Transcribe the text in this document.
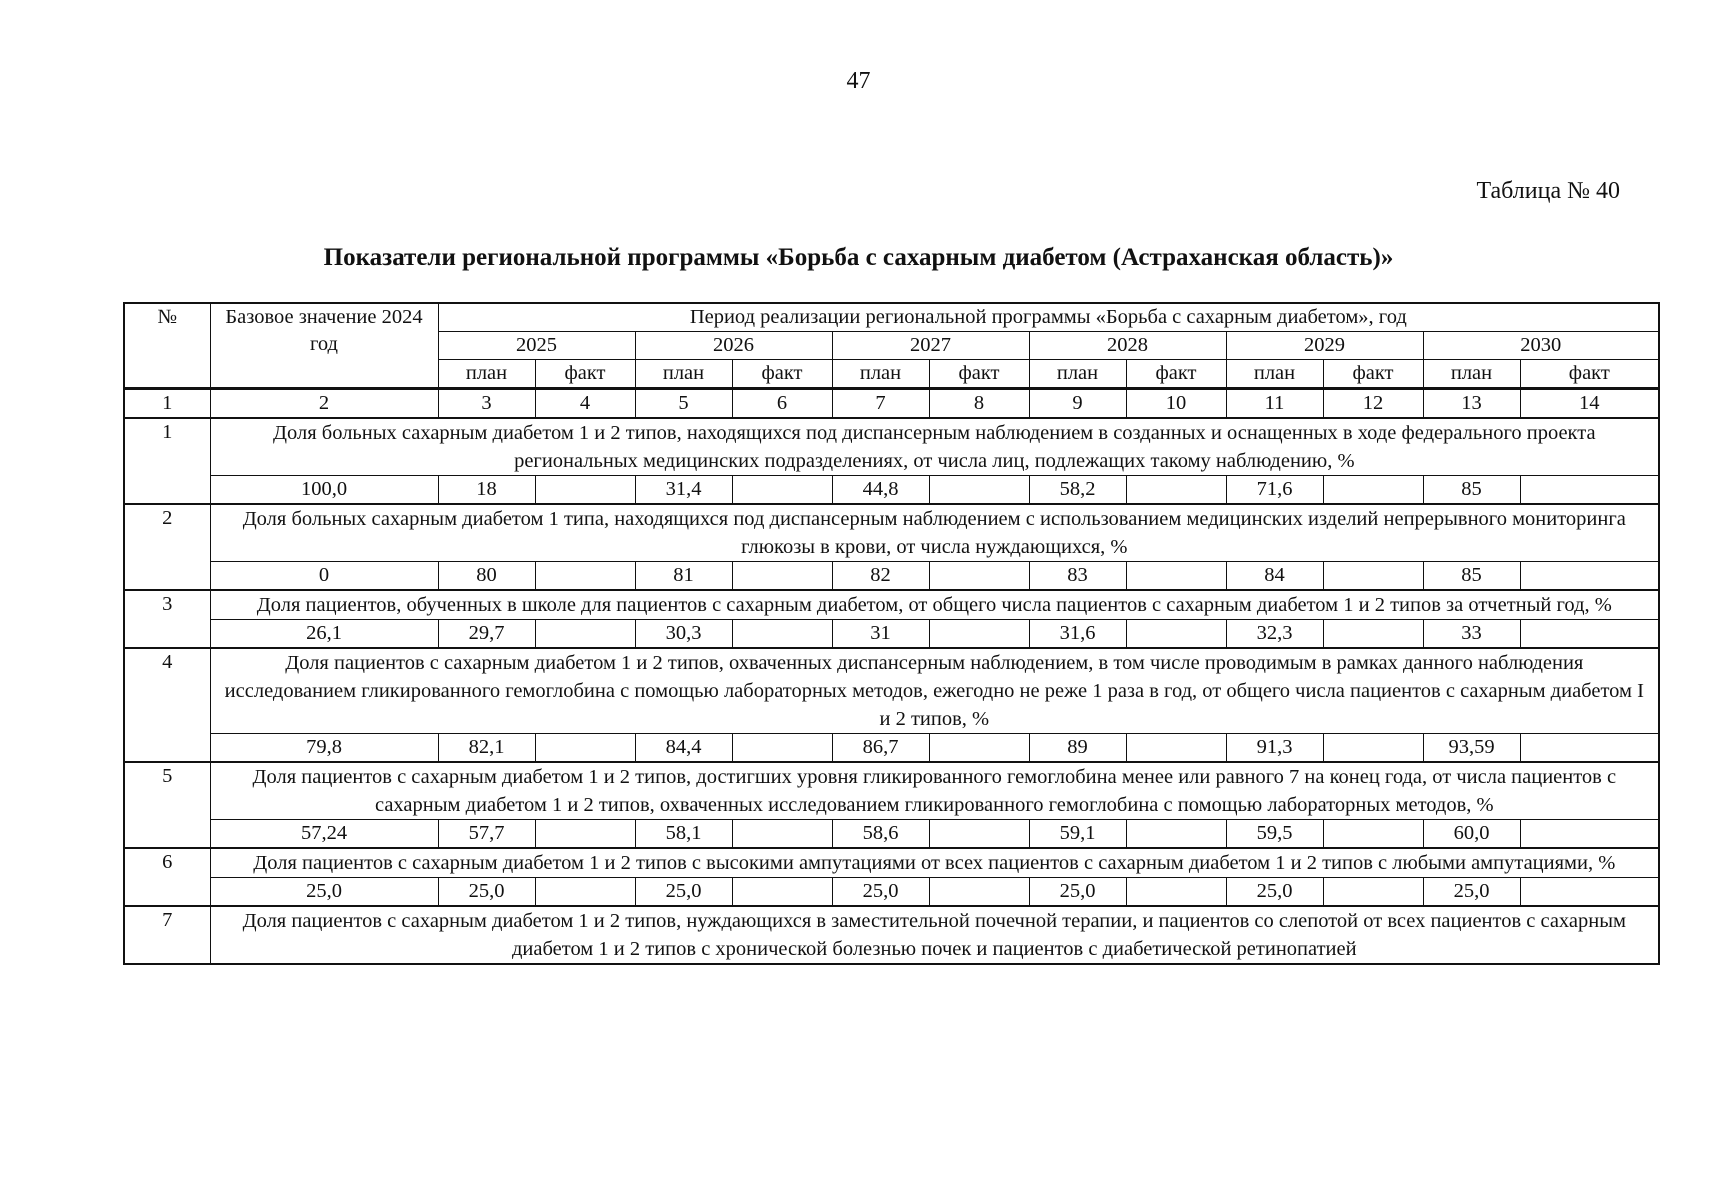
47
Таблица № 40
Показатели региональной программы «Борьба с сахарным диабетом (Астраханская область)»
№	Базовое значение 2024 год	Период реализации региональной программы «Борьба с сахарным диабетом», год											
		2025		2026		2027		2028		2029		2030	
		план	факт	план	факт	план	факт	план	факт	план	факт	план	факт
1	2	3	4	5	6	7	8	9	10	11	12	13	14
1	Доля больных сахарным диабетом 1 и 2 типов, находящихся под диспансерным наблюдением в созданных и оснащенных в ходе федерального проекта региональных медицинских подразделениях, от числа лиц, подлежащих такому наблюдению, %												
	100,0	18		31,4		44,8		58,2		71,6		85	
2	Доля больных сахарным диабетом 1 типа, находящихся под диспансерным наблюдением с использованием медицинских изделий непрерывного мониторинга глюкозы в крови, от числа нуждающихся, %												
	0	80		81		82		83		84		85	
3	Доля пациентов, обученных в школе для пациентов с сахарным диабетом, от общего числа пациентов с сахарным диабетом 1 и 2 типов за отчетный год, %												
	26,1	29,7		30,3		31		31,6		32,3		33	
4	Доля пациентов с сахарным диабетом 1 и 2 типов, охваченных диспансерным наблюдением, в том числе проводимым в рамках данного наблюдения исследованием гликированного гемоглобина с помощью лабораторных методов, ежегодно не реже 1 раза в год, от общего числа пациентов с сахарным диабетом I и 2 типов, %												
	79,8	82,1		84,4		86,7		89		91,3		93,59	
5	Доля пациентов с сахарным диабетом 1 и 2 типов, достигших уровня гликированного гемоглобина менее или равного 7 на конец года, от числа пациентов с сахарным диабетом 1 и 2 типов, охваченных исследованием гликированного гемоглобина с помощью лабораторных методов, %												
	57,24	57,7		58,1		58,6		59,1		59,5		60,0	
6	Доля пациентов с сахарным диабетом 1 и 2 типов с высокими ампутациями от всех пациентов с сахарным диабетом 1 и 2 типов с любыми ампутациями, %												
	25,0	25,0		25,0		25,0		25,0		25,0		25,0	
7	Доля пациентов с сахарным диабетом 1 и 2 типов, нуждающихся в заместительной почечной терапии, и пациентов со слепотой от всех пациентов с сахарным диабетом 1 и 2 типов с хронической болезнью почек и пациентов с диабетической ретинопатией												
